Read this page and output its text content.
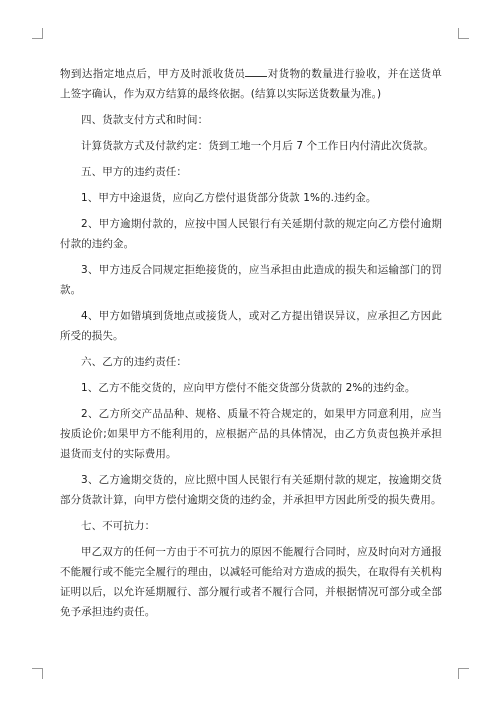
物到达指定地点后，甲方及时派收货员 对货物的数量进行验收，并在送货单上签字确认，作为双方结算的最终依据。(结算以实际送货数量为准。)

四、货款支付方式和时间：

计算货款方式及付款约定：货到工地一个月后 7 个工作日内付清此次货款。

五、甲方的违约责任：

1、甲方中途退货，应向乙方偿付退货部分货款 1%的.违约金。

2、甲方逾期付款的，应按中国人民银行有关延期付款的规定向乙方偿付逾期付款的违约金。

3、甲方违反合同规定拒绝接货的，应当承担由此造成的损失和运输部门的罚款。

4、甲方如错填到货地点或接货人，或对乙方提出错误异议，应承担乙方因此所受的损失。

六、乙方的违约责任：

1、乙方不能交货的，应向甲方偿付不能交货部分货款的 2%的违约金。

2、乙方所交产品品种、规格、质量不符合规定的，如果甲方同意利用，应当按质论价;如果甲方不能利用的，应根据产品的具体情况，由乙方负责包换并承担退货而支付的实际费用。

3、乙方逾期交货的，应比照中国人民银行有关延期付款的规定，按逾期交货部分货款计算，向甲方偿付逾期交货的违约金，并承担甲方因此所受的损失费用。

七、不可抗力：

甲乙双方的任何一方由于不可抗力的原因不能履行合同时，应及时向对方通报不能履行或不能完全履行的理由，以减轻可能给对方造成的损失，在取得有关机构证明以后，以允许延期履行、部分履行或者不履行合同，并根据情况可部分或全部免予承担违约责任。
